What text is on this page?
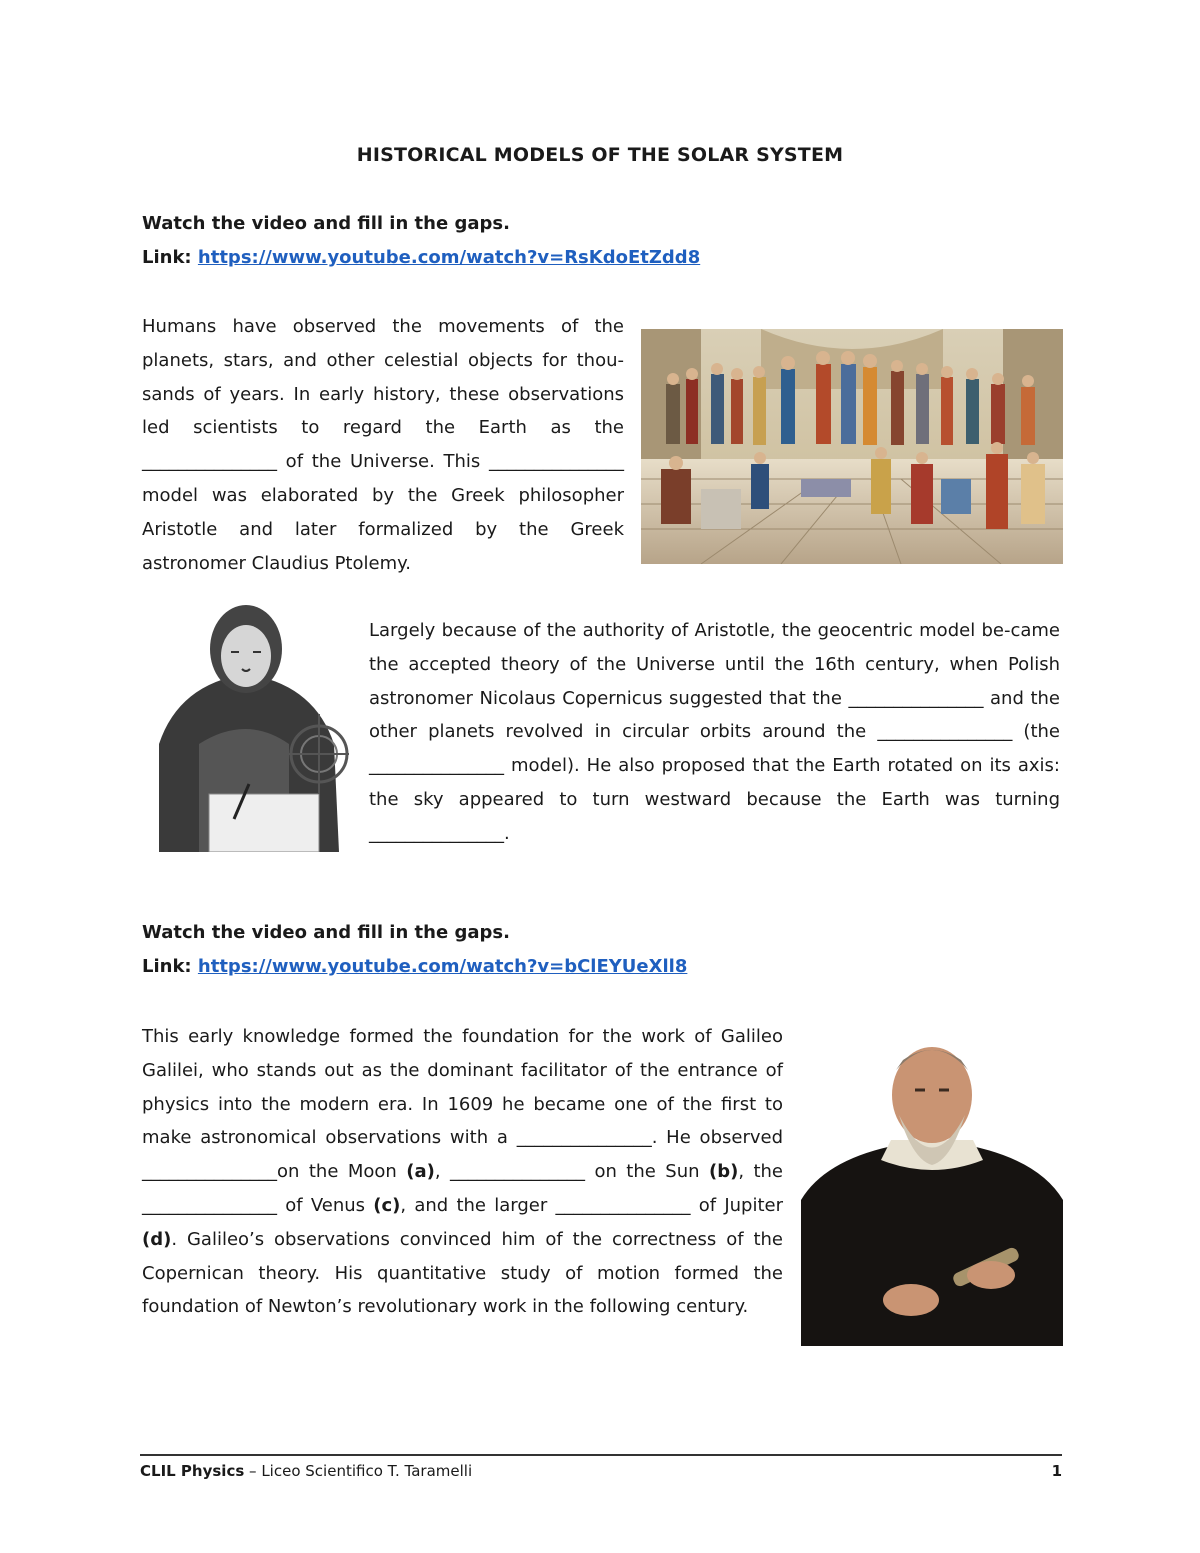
HISTORICAL MODELS OF THE SOLAR SYSTEM
Watch the video and fill in the gaps.
Link: https://www.youtube.com/watch?v=RsKdoEtZdd8
Humans have observed the movements of the planets, stars, and other celestial objects for thou-sands of years. In early history, these observations led scientists to regard the Earth as the _______________ of the Universe. This _______________ model was elaborated by the Greek philosopher Aristotle and later formalized by the Greek astronomer Claudius Ptolemy.
Largely because of the authority of Aristotle, the geocentric model be-came the accepted theory of the Universe until the 16th century, when Polish astronomer Nicolaus Copernicus suggested that the _______________ and the other planets revolved in circular orbits around the _______________ (the _______________ model). He also proposed that the Earth rotated on its axis: the sky appeared to turn westward because the Earth was turning _______________.
Watch the video and fill in the gaps.
Link: https://www.youtube.com/watch?v=bClEYUeXll8
This early knowledge formed the foundation for the work of Galileo Galilei, who stands out as the dominant facilitator of the entrance of physics into the modern era. In 1609 he became one of the first to make astronomical observations with a _______________. He observed _______________on the Moon (a), _______________ on the Sun (b), the _______________ of Venus (c), and the larger _______________ of Jupiter (d). Galileo’s observations convinced him of the correctness of the Copernican theory. His quantitative study of motion formed the foundation of Newton’s revolutionary work in the following century.
CLIL Physics – Liceo Scientifico T. Taramelli	1
